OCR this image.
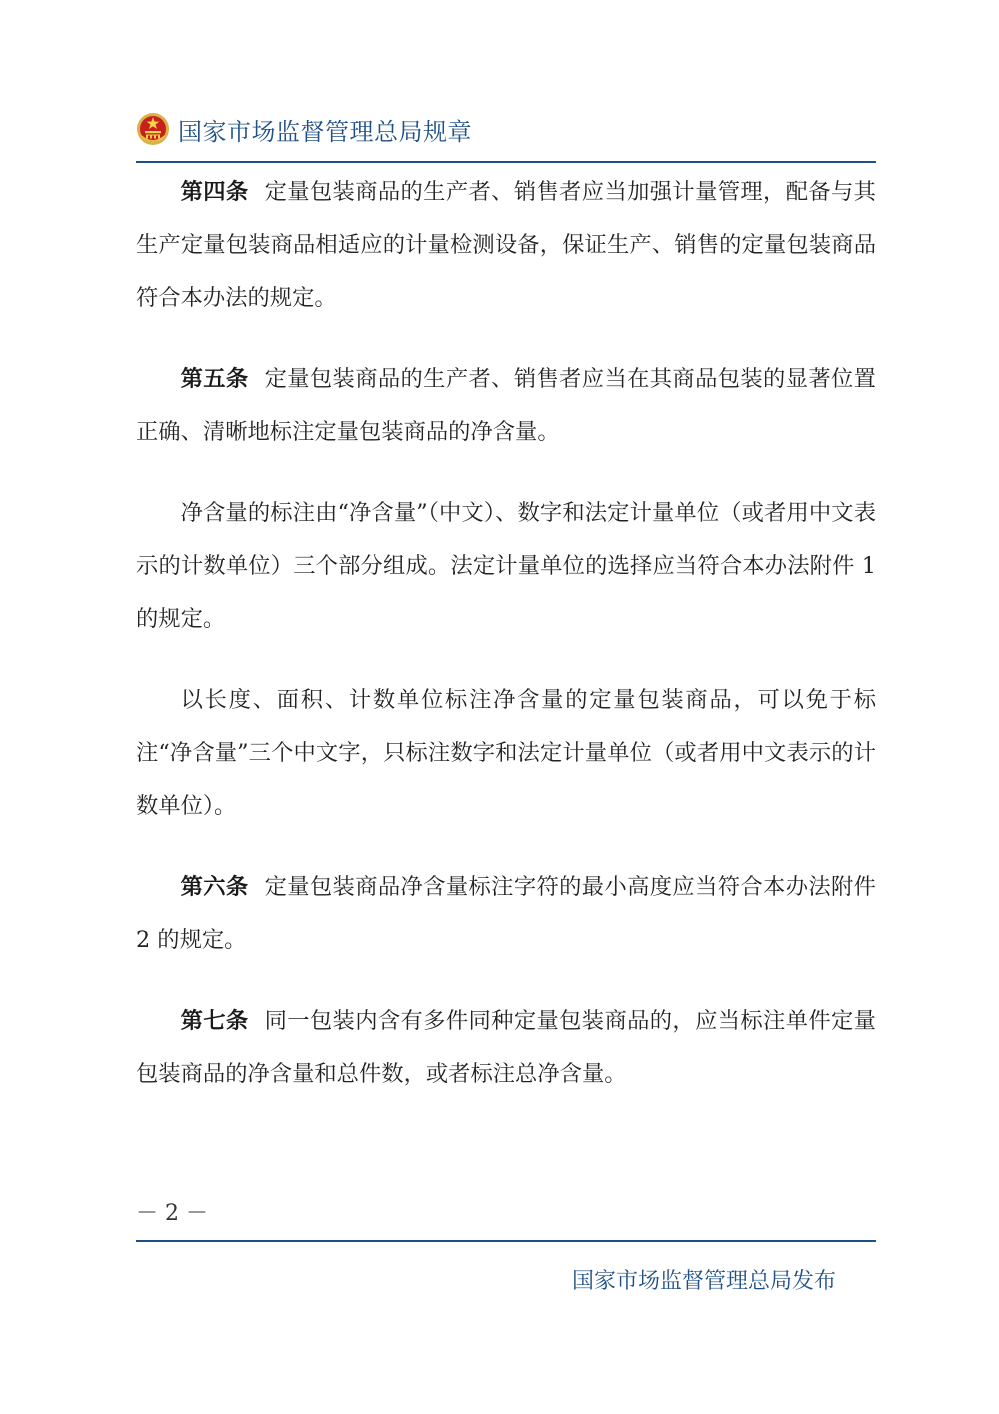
国家市场监督管理总局规章

第四条 定量包装商品的生产者、销售者应当加强计量管理，配备与其生产定量包装商品相适应的计量检测设备，保证生产、销售的定量包装商品符合本办法的规定。

第五条 定量包装商品的生产者、销售者应当在其商品包装的显著位置正确、清晰地标注定量包装商品的净含量。

净含量的标注由“净含量”（中文）、数字和法定计量单位（或者用中文表示的计数单位）三个部分组成。法定计量单位的选择应当符合本办法附件 1 的规定。

以长度、面积、计数单位标注净含量的定量包装商品，可以免于标注“净含量”三个中文字，只标注数字和法定计量单位（或者用中文表示的计数单位）。

第六条 定量包装商品净含量标注字符的最小高度应当符合本办法附件 2 的规定。

第七条 同一包装内含有多件同种定量包装商品的，应当标注单件定量包装商品的净含量和总件数，或者标注总净含量。

－ 2 －
国家市场监督管理总局发布
